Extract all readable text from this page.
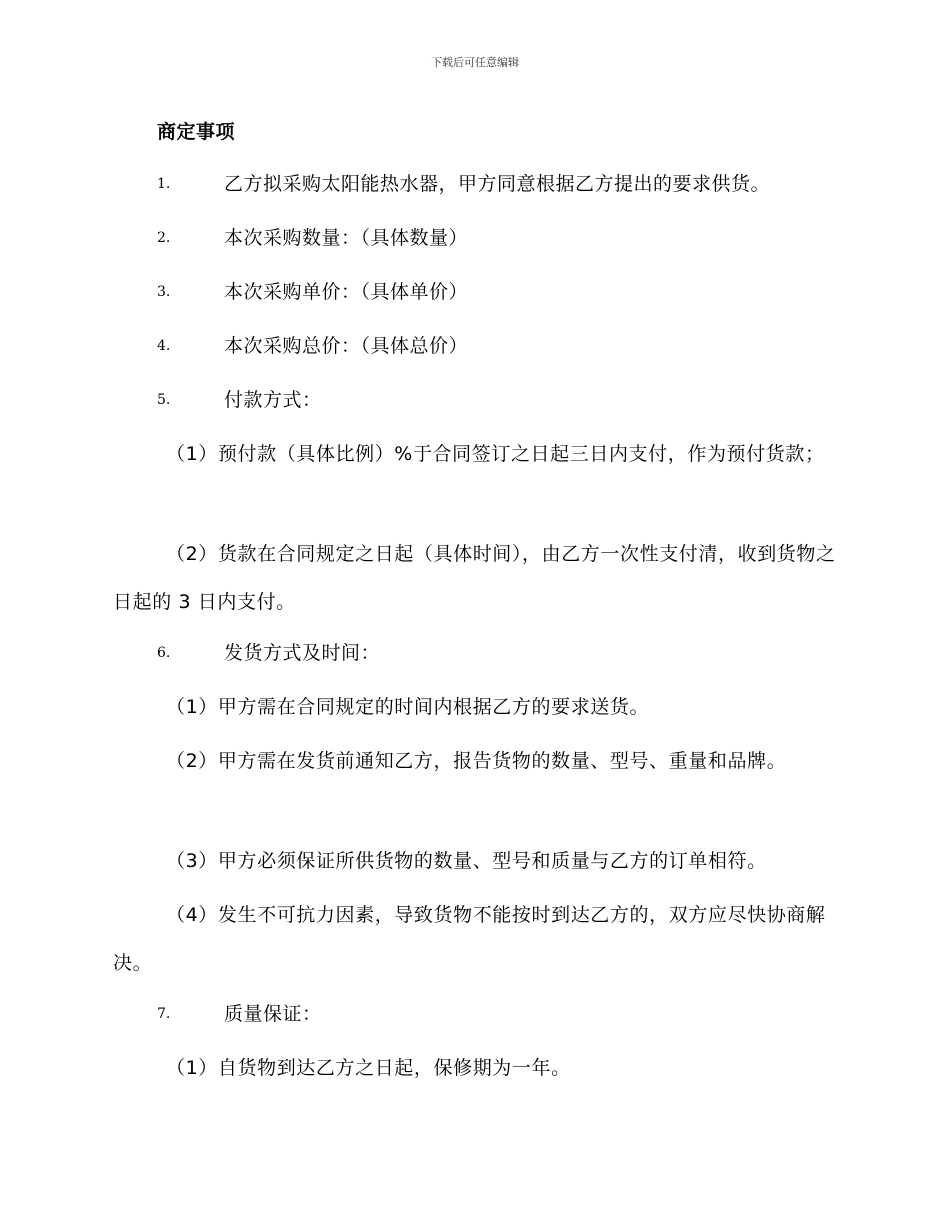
下载后可任意编辑
商定事项
1.	乙方拟采购太阳能热水器，甲方同意根据乙方提出的要求供货。
2.	本次采购数量：（具体数量）
3.	本次采购单价：（具体单价）
4.	本次采购总价：（具体总价）
5.	付款方式：

（1）预付款（具体比例）%于合同签订之日起三日内支付，作为预付货款；

（2）货款在合同规定之日起（具体时间），由乙方一次性支付清，收到货物之日起的 3 日内支付。

6.	发货方式及时间：

（1）甲方需在合同规定的时间内根据乙方的要求送货。

（2）甲方需在发货前通知乙方，报告货物的数量、型号、重量和品牌。

（3）甲方必须保证所供货物的数量、型号和质量与乙方的订单相符。

（4）发生不可抗力因素，导致货物不能按时到达乙方的，双方应尽快协商解决。

7.	质量保证：

（1）自货物到达乙方之日起，保修期为一年。
